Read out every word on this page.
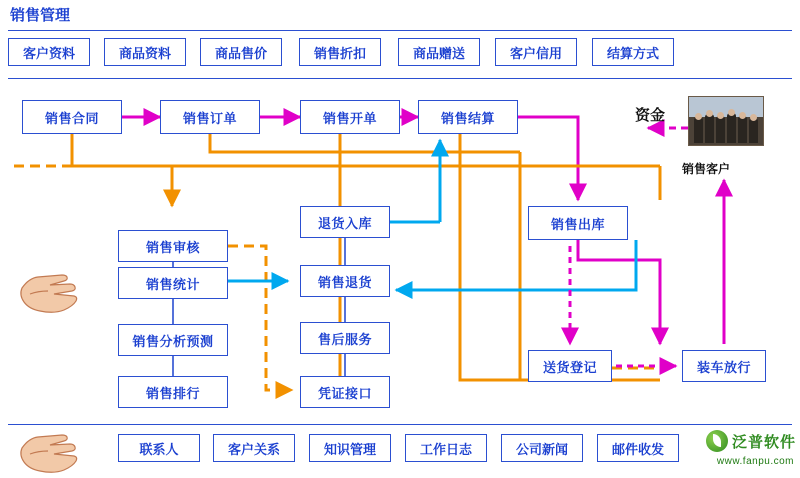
销售管理
客户资料	商品资料	商品售价	销售折扣	商品赠送	客户信用	结算方式
销售合同	销售订单	销售开单	销售结算
销售审核
销售统计
销售分析预测
销售排行
退货入库
销售退货
售后服务
凭证接口
销售出库
送货登记	装车放行
资金
销售客户
联系人	客户关系	知识管理	工作日志	公司新闻	邮件收发	泛普软件
www.fanpu.com
